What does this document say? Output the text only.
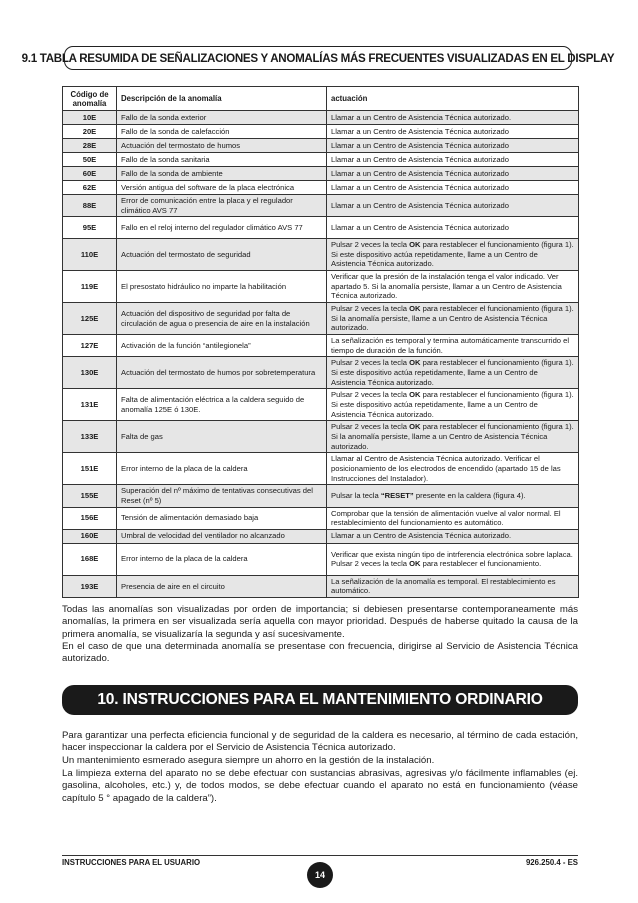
9.1 TABLA RESUMIDA DE SEÑALIZACIONES Y ANOMALÍAS MÁS FRECUENTES VISUALIZADAS EN EL DISPLAY
Código de anomalía	Descripción de la anomalía	actuación
10E	Fallo de la sonda exterior	Llamar a un Centro de Asistencia Técnica autorizado.
20E	Fallo de la sonda de calefacción	Llamar a un Centro de Asistencia Técnica autorizado
28E	Actuación del termostato de humos	Llamar a un Centro de Asistencia Técnica autorizado
50E	Fallo de la sonda sanitaria	Llamar a un Centro de Asistencia Técnica autorizado
60E	Fallo de la sonda de ambiente	Llamar a un Centro de Asistencia Técnica autorizado
62E	Versión antigua del software de la placa electrónica	Llamar a un Centro de Asistencia Técnica autorizado
88E	Error de comunicación entre la placa y el regulador climático AVS 77	Llamar a un Centro de Asistencia Técnica autorizado
95E	Fallo en el reloj interno del regulador climático AVS 77	Llamar a un Centro de Asistencia Técnica autorizado
110E	Actuación del termostato de seguridad	Pulsar 2 veces la tecla OK para restablecer el funcionamiento (figura 1). Si este dispositivo actúa repetidamente, llame a un Centro de Asistencia Técnica autorizado.
119E	El presostato hidráulico no imparte la habilitación	Verificar que la presión de la instalación tenga el valor indicado. Ver apartado 5. Si la anomalía persiste, llamar a un Centro de Asistencia Técnica autorizado.
125E	Actuación del dispositivo de seguridad por falta de circulación de agua o presencia de aire en la instalación	Pulsar 2 veces la tecla OK para restablecer el funcionamiento (figura 1). Si la anomalía persiste, llame a un Centro de Asistencia Técnica autorizado.
127E	Activación de la función “antilegionela”	La señalización es temporal y termina automáticamente transcurrido el tiempo de duración de la función.
130E	Actuación del termostato de humos por sobretemperatura	Pulsar 2 veces la tecla OK para restablecer el funcionamiento (figura 1). Si este dispositivo actúa repetidamente, llame a un Centro de Asistencia Técnica autorizado.
131E	Falta de alimentación eléctrica a la caldera seguido de anomalía 125E ó 130E.	Pulsar 2 veces la tecla OK para restablecer el funcionamiento (figura 1). Si este dispositivo actúa repetidamente, llame a un Centro de Asistencia Técnica autorizado.
133E	Falta de gas	Pulsar 2 veces la tecla OK para restablecer el funcionamiento (figura 1). Si la anomalía persiste, llame a un Centro de Asistencia Técnica autorizado.
151E	Error interno de la placa de la caldera	Llamar al Centro de Asistencia Técnica autorizado. Verificar el posicionamiento de los electrodos de encendido (apartado 15 de las Instrucciones del Instalador).
155E	Superación del nº máximo de tentativas consecutivas del Reset (nº 5)	Pulsar la tecla “RESET” presente en la caldera (figura 4).
156E	Tensión de alimentación demasiado baja	Comprobar que la tensión de alimentación vuelve al valor normal. El restablecimiento del funcionamiento es automático.
160E	Umbral de velocidad del ventilador no alcanzado	Llamar a un Centro de Asistencia Técnica autorizado.
168E	Error interno de la placa de la caldera	Verificar que exista ningún tipo de intrferencia electrónica sobre laplaca. Pulsar 2 veces la tecla OK para restablecer el funcionamiento.
193E	Presencia de aire en el circuito	La señalización de la anomalía es temporal. El restablecimiento es automático.

Todas las anomalías son visualizadas por orden de importancia; si debiesen presentarse contemporaneamente más anomalías, la primera en ser visualizada sería aquella con mayor prioridad. Después de haberse quitado la causa de la primera anomalía, se visualizaría la segunda y así sucesivamente.

En el caso de que una determinada anomalía se presentase con frecuencia, dirigirse al Servicio de Asistencia Técnica autorizado.

10. INSTRUCCIONES PARA EL MANTENIMIENTO ORDINARIO

Para garantizar una perfecta eficiencia funcional y de seguridad de la caldera es necesario, al término de cada estación, hacer inspeccionar la caldera por el Servicio de Asistencia Técnica autorizado.

Un mantenimiento esmerado asegura siempre un ahorro en la gestión de la instalación.

La limpieza externa del aparato no se debe efectuar con sustancias abrasivas, agresivas y/o fácilmente inflamables (ej. gasolina, alcoholes, etc.) y, de todos modos, se debe efectuar cuando el aparato no está en funcionamiento (véase capítulo 5 ° apagado de la caldera”).

INSTRUCCIONES PARA EL USUARIO
14
926.250.4 - ES
